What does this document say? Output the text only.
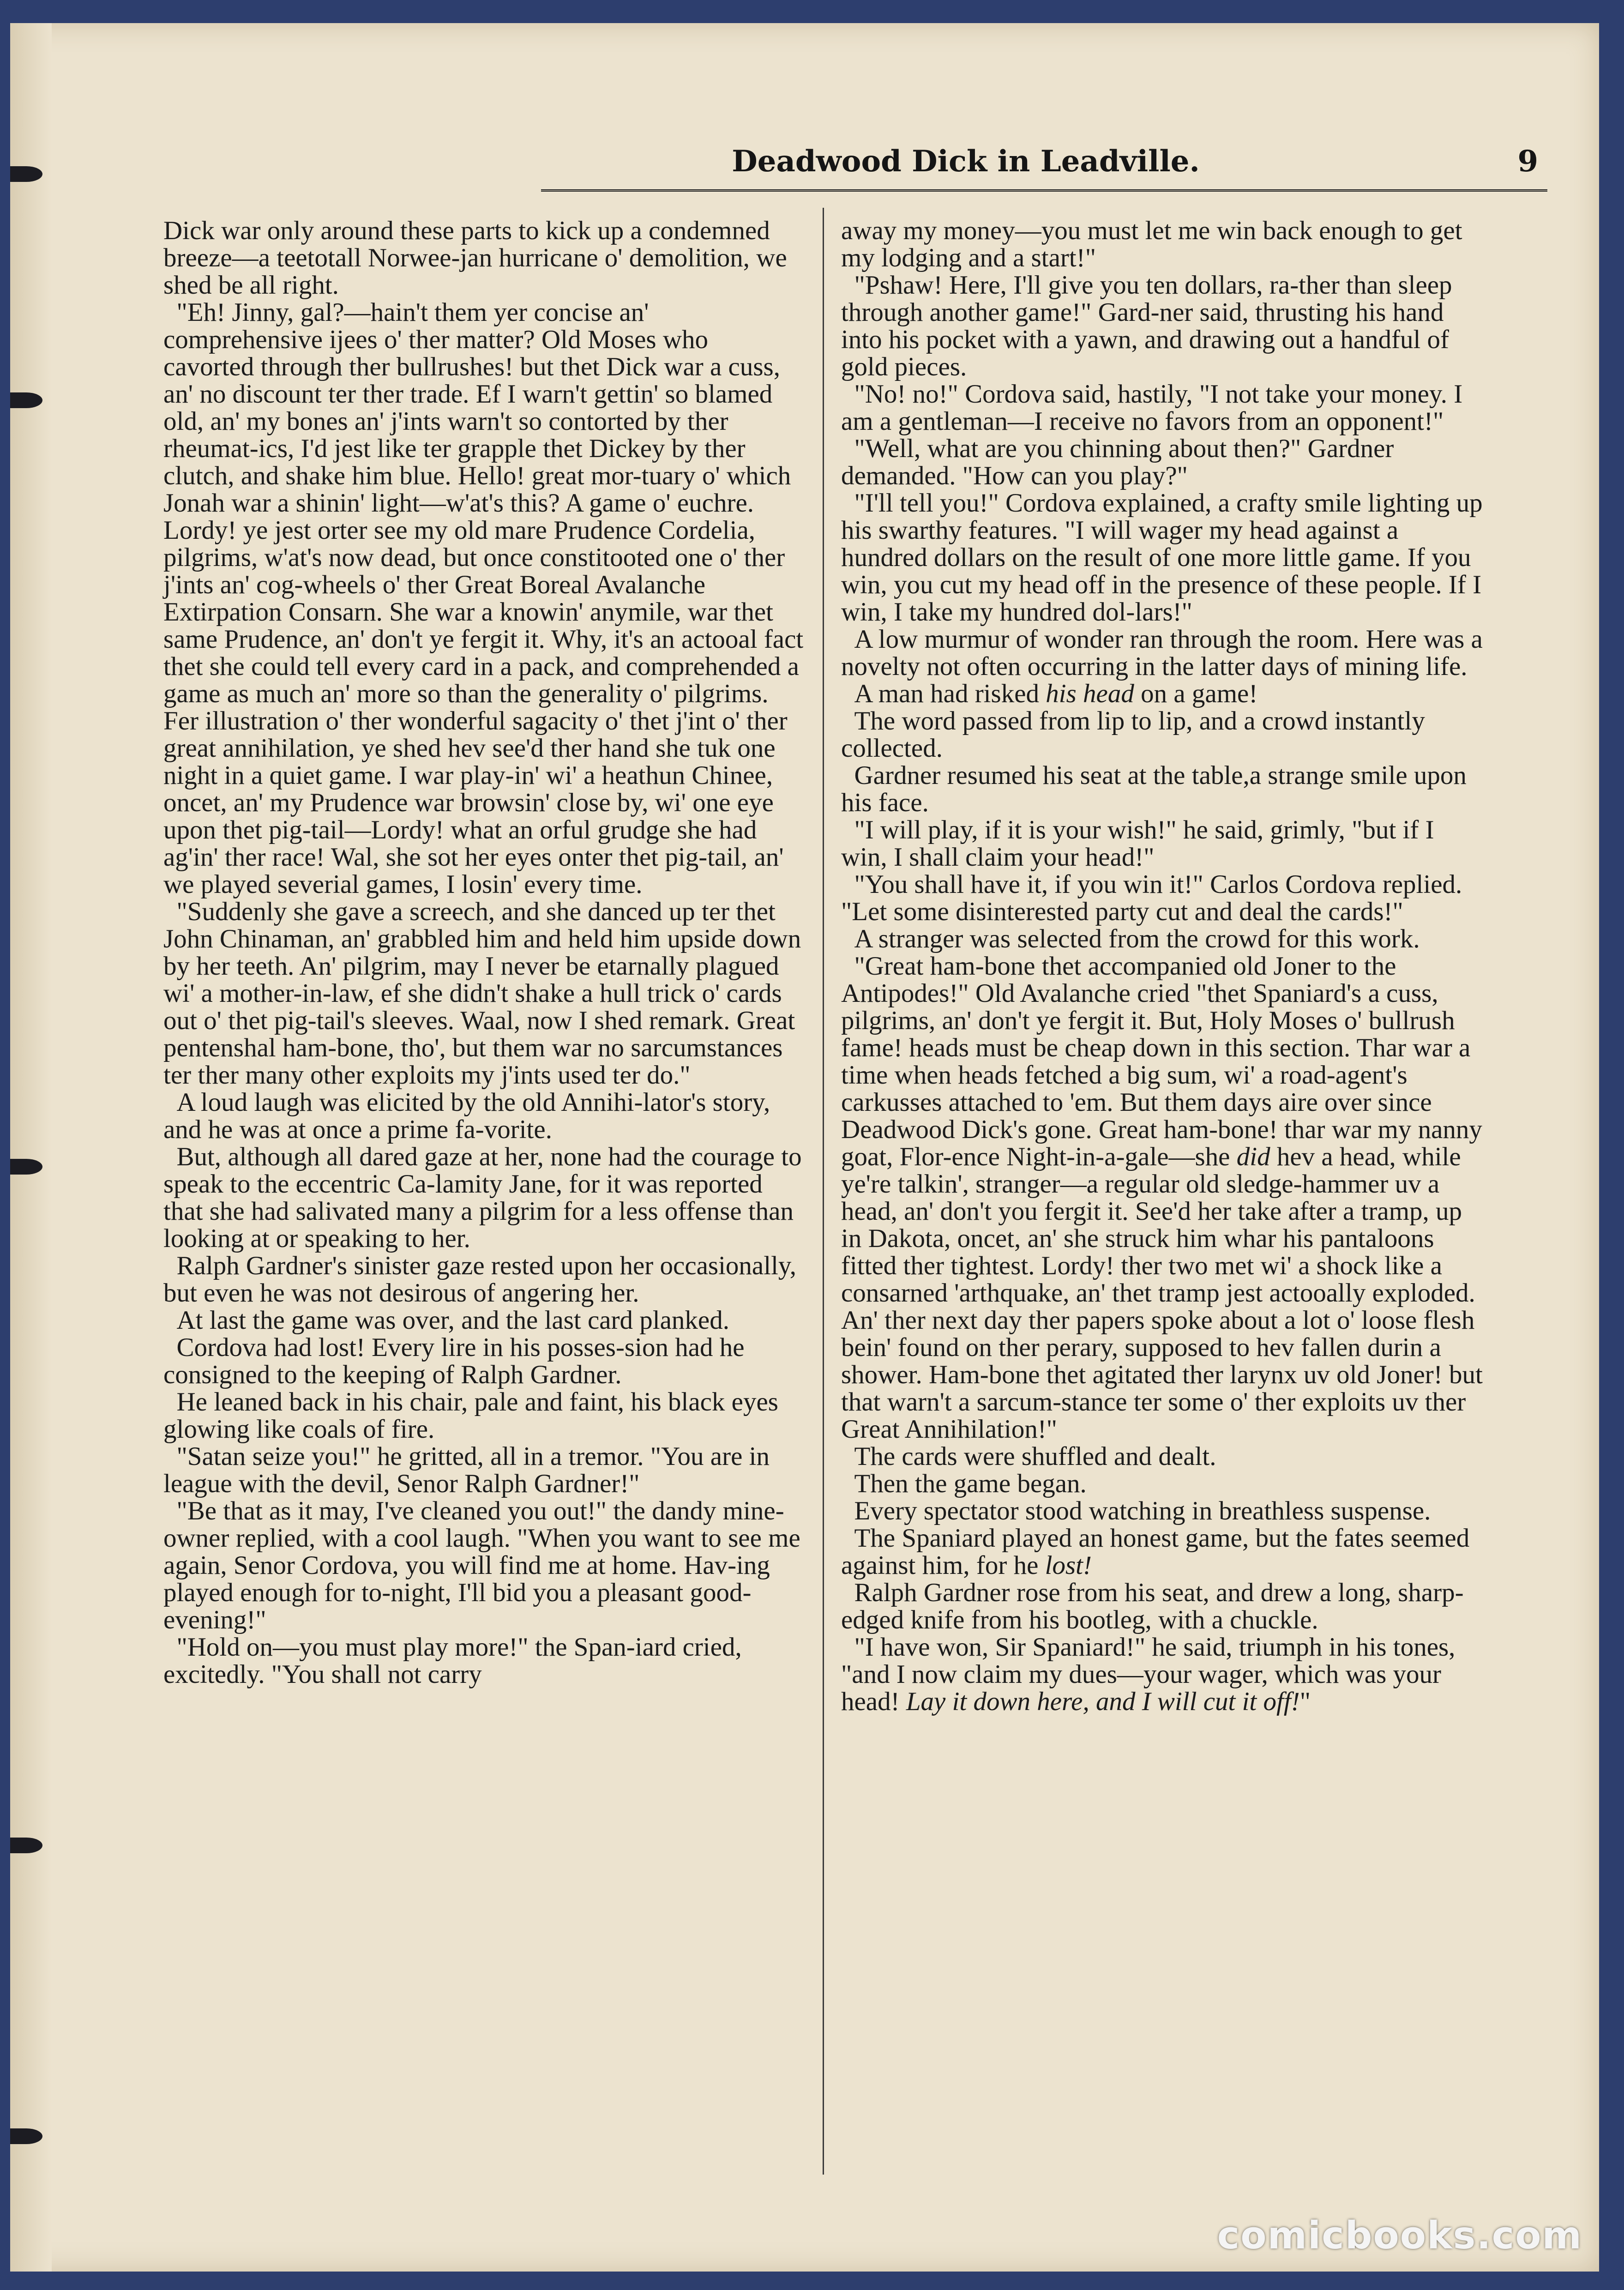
Deadwood Dick in Leadville.	9

Dick war only around these parts to kick up a condemned breeze—a teetotall Norwee-jan hurricane o' demolition, we shed be all right.

"Eh! Jinny, gal?—hain't them yer concise an' comprehensive ijees o' ther matter? Old Moses who cavorted through ther bullrushes! but thet Dick war a cuss, an' no discount ter ther trade. Ef I warn't gettin' so blamed old, an' my bones an' j'ints warn't so contorted by ther rheumat-ics, I'd jest like ter grapple thet Dickey by ther clutch, and shake him blue. Hello! great mor-tuary o' which Jonah war a shinin' light—w'at's this? A game o' euchre. Lordy! ye jest orter see my old mare Prudence Cordelia, pilgrims, w'at's now dead, but once constitooted one o' ther j'ints an' cog-wheels o' ther Great Boreal Avalanche Extirpation Consarn. She war a knowin' anymile, war thet same Prudence, an' don't ye fergit it. Why, it's an actooal fact thet she could tell every card in a pack, and comprehended a game as much an' more so than the generality o' pilgrims. Fer illustration o' ther wonderful sagacity o' thet j'int o' ther great annihilation, ye shed hev see'd ther hand she tuk one night in a quiet game. I war play-in' wi' a heathun Chinee, oncet, an' my Prudence war browsin' close by, wi' one eye upon thet pig-tail—Lordy! what an orful grudge she had ag'in' ther race! Wal, she sot her eyes onter thet pig-tail, an' we played severial games, I losin' every time.

"Suddenly she gave a screech, and she danced up ter thet John Chinaman, an' grabbled him and held him upside down by her teeth. An' pilgrim, may I never be etarnally plagued wi' a mother-in-law, ef she didn't shake a hull trick o' cards out o' thet pig-tail's sleeves. Waal, now I shed remark. Great pentenshal ham-bone, tho', but them war no sarcumstances ter ther many other exploits my j'ints used ter do."

A loud laugh was elicited by the old Annihi-lator's story, and he was at once a prime fa-vorite.

But, although all dared gaze at her, none had the courage to speak to the eccentric Ca-lamity Jane, for it was reported that she had salivated many a pilgrim for a less offense than looking at or speaking to her.

Ralph Gardner's sinister gaze rested upon her occasionally, but even he was not desirous of angering her.

At last the game was over, and the last card planked.

Cordova had lost! Every lire in his posses-sion had he consigned to the keeping of Ralph Gardner.

He leaned back in his chair, pale and faint, his black eyes glowing like coals of fire.

"Satan seize you!" he gritted, all in a tremor. "You are in league with the devil, Senor Ralph Gardner!"

"Be that as it may, I've cleaned you out!" the dandy mine-owner replied, with a cool laugh. "When you want to see me again, Senor Cordova, you will find me at home. Hav-ing played enough for to-night, I'll bid you a pleasant good-evening!"

"Hold on—you must play more!" the Span-iard cried, excitedly. "You shall not carry

away my money—you must let me win back enough to get my lodging and a start!"

"Pshaw! Here, I'll give you ten dollars, ra-ther than sleep through another game!" Gard-ner said, thrusting his hand into his pocket with a yawn, and drawing out a handful of gold pieces.

"No! no!" Cordova said, hastily, "I not take your money. I am a gentleman—I receive no favors from an opponent!"

"Well, what are you chinning about then?" Gardner demanded. "How can you play?"

"I'll tell you!" Cordova explained, a crafty smile lighting up his swarthy features. "I will wager my head against a hundred dollars on the result of one more little game. If you win, you cut my head off in the presence of these people. If I win, I take my hundred dol-lars!"

A low murmur of wonder ran through the room. Here was a novelty not often occurring in the latter days of mining life.

A man had risked his head on a game!

The word passed from lip to lip, and a crowd instantly collected.

Gardner resumed his seat at the table,a strange smile upon his face.

"I will play, if it is your wish!" he said, grimly, "but if I win, I shall claim your head!"

"You shall have it, if you win it!" Carlos Cordova replied. "Let some disinterested party cut and deal the cards!"

A stranger was selected from the crowd for this work.

"Great ham-bone thet accompanied old Joner to the Antipodes!" Old Avalanche cried "thet Spaniard's a cuss, pilgrims, an' don't ye fergit it. But, Holy Moses o' bullrush fame! heads must be cheap down in this section. Thar war a time when heads fetched a big sum, wi' a road-agent's carkusses attached to 'em. But them days aire over since Deadwood Dick's gone. Great ham-bone! thar war my nanny goat, Flor-ence Night-in-a-gale—she did hev a head, while ye're talkin', stranger—a regular old sledge-hammer uv a head, an' don't you fergit it. See'd her take after a tramp, up in Dakota, oncet, an' she struck him whar his pantaloons fitted ther tightest. Lordy! ther two met wi' a shock like a consarned 'arthquake, an' thet tramp jest actooally exploded. An' ther next day ther papers spoke about a lot o' loose flesh bein' found on ther perary, supposed to hev fallen durin a shower. Ham-bone thet agitated ther larynx uv old Joner! but that warn't a sarcum-stance ter some o' ther exploits uv ther Great Annihilation!"

The cards were shuffled and dealt.

Then the game began.

Every spectator stood watching in breathless suspense.

The Spaniard played an honest game, but the fates seemed against him, for he lost!

Ralph Gardner rose from his seat, and drew a long, sharp-edged knife from his bootleg, with a chuckle.

"I have won, Sir Spaniard!" he said, triumph in his tones, "and I now claim my dues—your wager, which was your head! Lay it down here, and I will cut it off!"

comicbooks.com
